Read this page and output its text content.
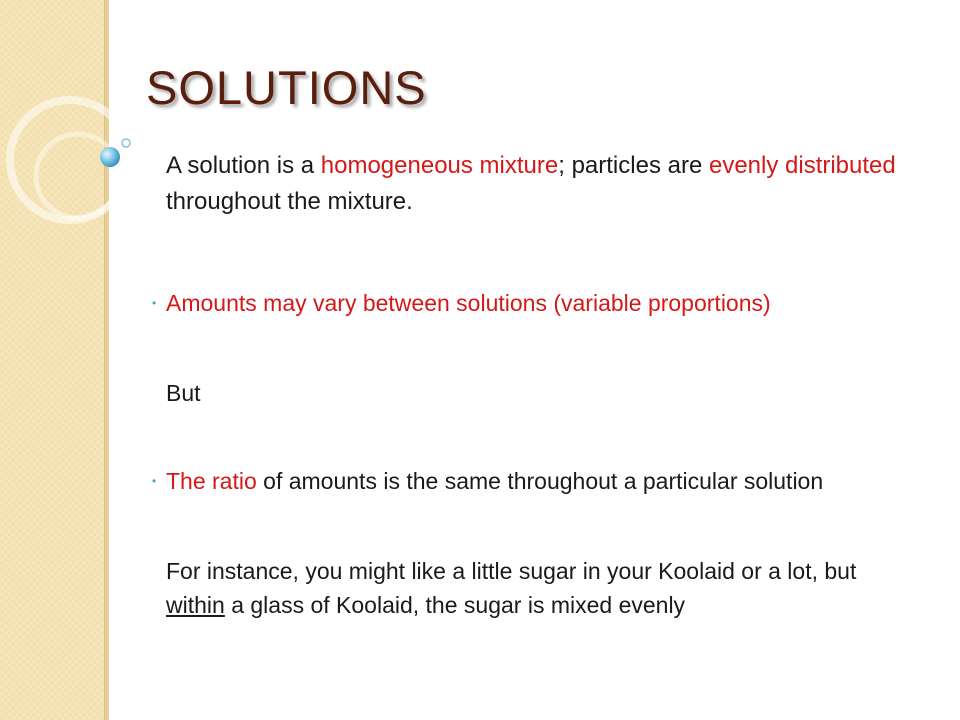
SOLUTIONS

A solution is a homogeneous mixture; particles are evenly distributed throughout the mixture.

• Amounts may vary between solutions (variable proportions)

But

• The ratio of amounts is the same throughout a particular solution

For instance, you might like a little sugar in your Koolaid or a lot, but within a glass of Koolaid, the sugar is mixed evenly
